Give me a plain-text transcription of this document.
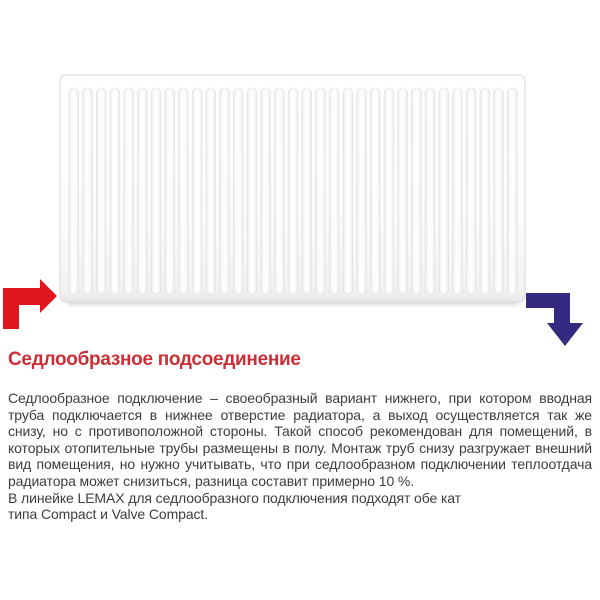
Седлообразное подсоединение
Седлообразное подключение – своеобразный вариант нижнего, при котором вводная
труба подключается в нижнее отверстие радиатора, а выход осуществляется так же
снизу, но с противоположной стороны. Такой способ рекомендован для помещений, в
которых отопительные трубы размещены в полу. Монтаж труб снизу разгружает внешний
вид помещения, но нужно учитывать, что при седлообразном подключении теплоотдача
радиатора может снизиться, разница составит примерно 10 %.
В линейке LEMAX для седлообразного подключения подходят обе кат
типа Compact и Valve Compact.
